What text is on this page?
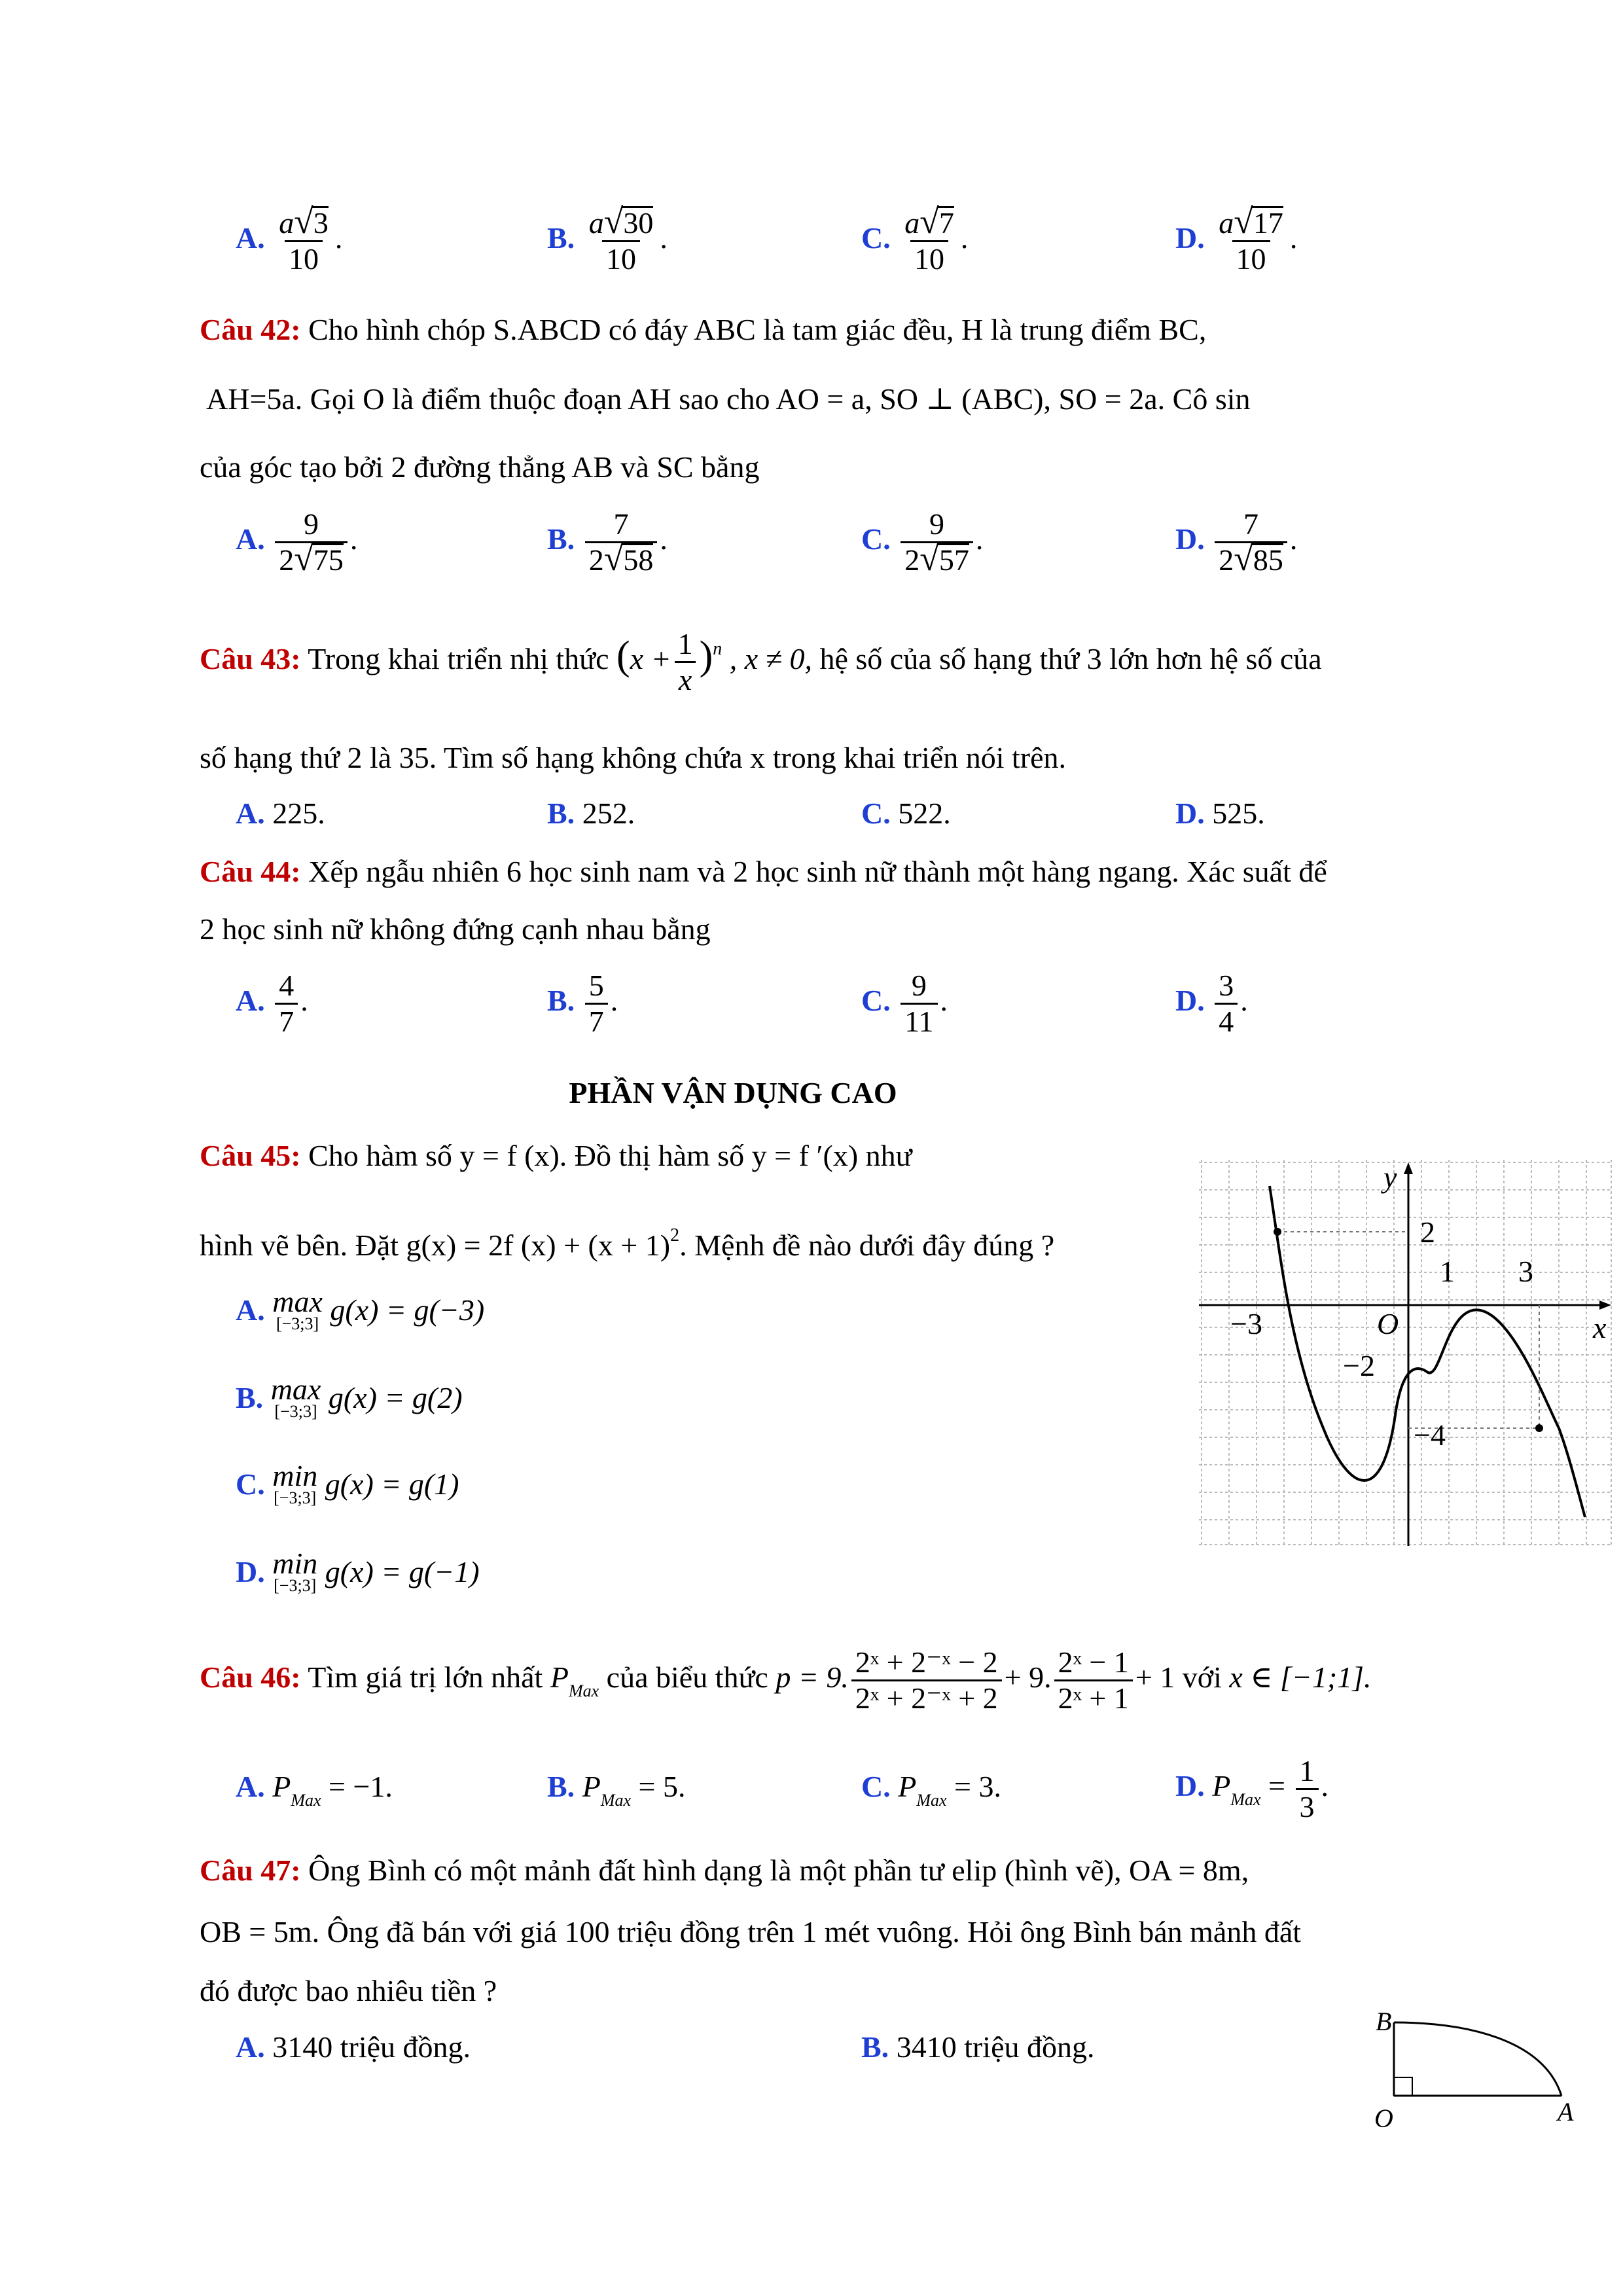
A. $\frac{a√3}{10}$ .	B. $\frac{a√30}{10}$ .	C. $\frac{a√7}{10}$ .	D. $\frac{a√17}{10}$ .
Câu 42: Cho hình chóp S.ABCD có đáy ABC là tam giác đều, H là trung điểm BC,
AH=5a. Gọi O là điểm thuộc đoạn AH sao cho AO = a, SO ⊥ (ABC), SO = 2a. Cô sin
của góc tạo bởi 2 đường thẳng AB và SC bằng
A. $\frac{9}{2√75}$ .	B. $\frac{7}{2√58}$ .	C. $\frac{9}{2√57}$ .	D. $\frac{7}{2√85}$ .
Câu 43: Trong khai triển nhị thức $(x + \frac{1}{x} )^n$ , x ≠ 0, hệ số của số hạng thứ 3 lớn hơn hệ số của
số hạng thứ 2 là 35. Tìm số hạng không chứa x trong khai triển nói trên.
A. 225.	B. 252.	C. 522.	D. 525.
Câu 44: Xếp ngẫu nhiên 6 học sinh nam và 2 học sinh nữ thành một hàng ngang. Xác suất để
2 học sinh nữ không đứng cạnh nhau bằng
A. $\frac{4}{7}$ .	B. $\frac{5}{7}$ .	C. $\frac{9}{11}$ .	D. $\frac{3}{4}$ .
PHẦN VẬN DỤNG CAO
Câu 45: Cho hàm số y = f (x). Đồ thị hàm số y = f ′(x) như
hình vẽ bên. Đặt g(x) = 2f $(x) + (x + 1)^2$. Mệnh đề nào dưới đây đúng ?
A. max
[−3;3] g(x) = g(−3)
B. max
[−3;3] g(x) = g(2)
C. min
[−3;3] g(x) = g(1)
D. min
[−3;3] g(x) = g(−1)
y
x
O
−3
1 3
2
−2
−4
Câu 46: Tìm giá trị lớn nhất $P_{Max}$ của biểu thức p = 9. $\frac{\text{2ˣ + 2⁻ˣ − 2}}{\text{2ˣ + 2⁻ˣ + 2}} + 9$. $\frac{\text{2ˣ − 1}}{\text{2ˣ + 1}} + 1$ với x ∈ [−1;1].
A. $P_{Max} = -1$.	B. $P_{Max} = 5$.	C. $P_{Max} = 3$.	D. $P_{Max} = \frac{1}{3}$ .
Câu 47: Ông Bình có một mảnh đất hình dạng là một phần tư elip (hình vẽ), OA = 8m,
OB = 5m. Ông đã bán với giá 100 triệu đồng trên 1 mét vuông. Hỏi ông Bình bán mảnh đất
đó được bao nhiêu tiền ?
A. 3140 triệu đồng.	B. 3410 triệu đồng.
B
O	A
